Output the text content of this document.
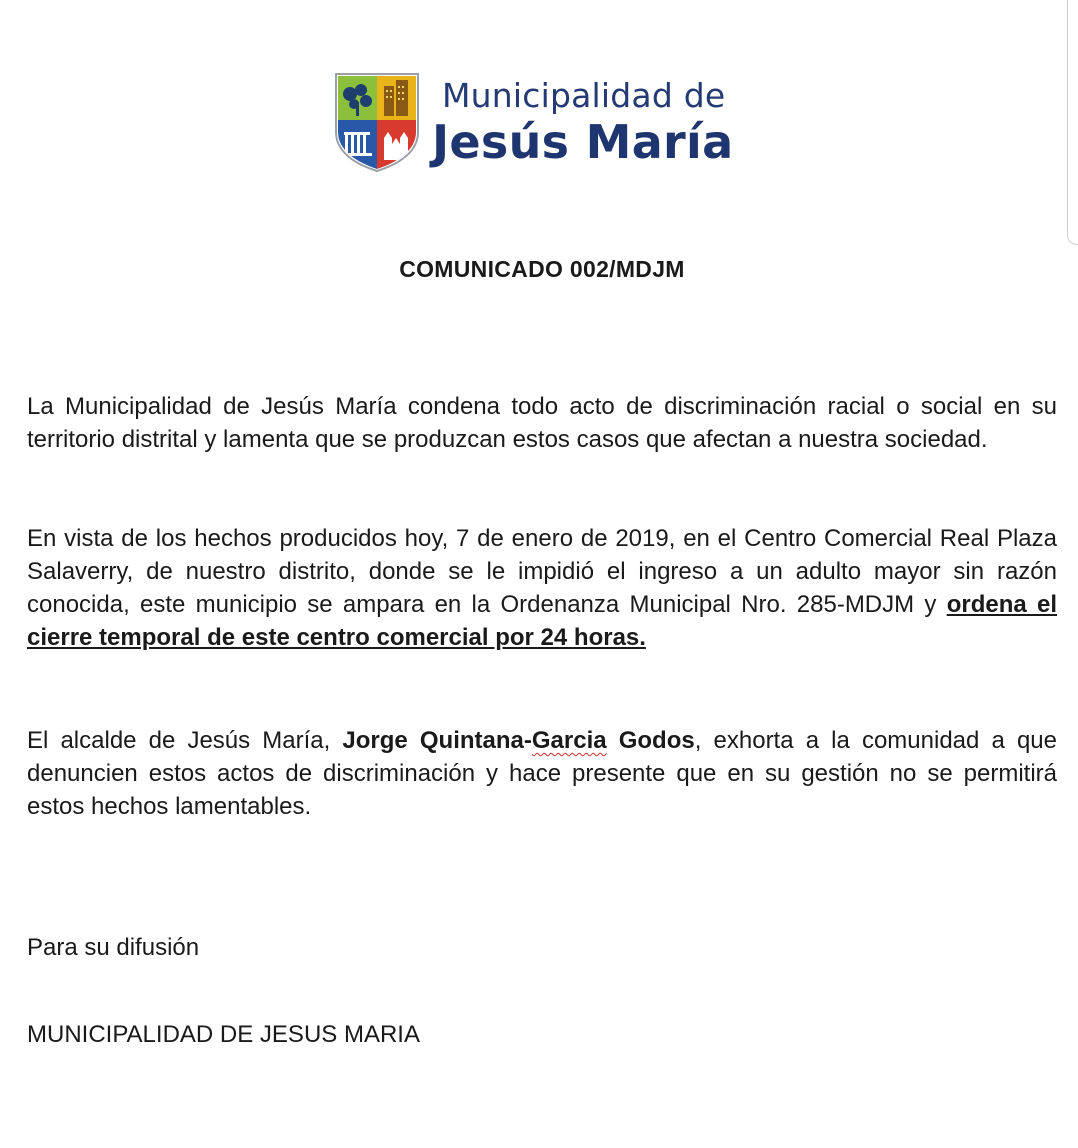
Municipalidad de
Jesús María
COMUNICADO 002/MDJM

La Municipalidad de Jesús María condena todo acto de discriminación racial o social en su territorio distrital y lamenta que se produzcan estos casos que afectan a nuestra sociedad.

En vista de los hechos producidos hoy, 7 de enero de 2019, en el Centro Comercial Real Plaza Salaverry, de nuestro distrito, donde se le impidió el ingreso a un adulto mayor sin razón conocida, este municipio se ampara en la Ordenanza Municipal Nro. 285-MDJM y ordena el cierre temporal de este centro comercial por 24 horas.

El alcalde de Jesús María, Jorge Quintana-Garcia Godos, exhorta a la comunidad a que denuncien estos actos de discriminación y hace presente que en su gestión no se permitirá estos hechos lamentables.

Para su difusión
MUNICIPALIDAD DE JESUS MARIA
